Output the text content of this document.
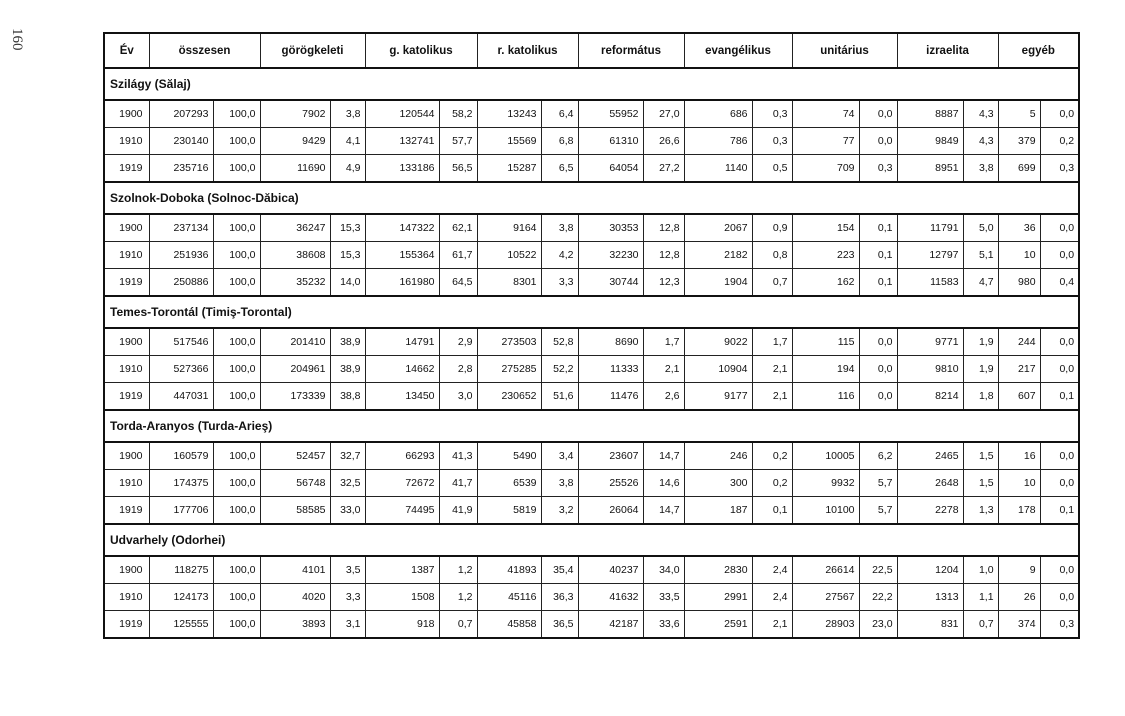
160	Év	összesen		görögkeleti		g. katolikus		r. katolikus		református		evangélikus		unitárius		izraelita		egyéb	
Szilágy (Sălaj)																		
1900	207293	100,0	7902	3,8	120544	58,2	13243	6,4	55952	27,0	686	0,3	74	0,0	8887	4,3	5	0,0
1910	230140	100,0	9429	4,1	132741	57,7	15569	6,8	61310	26,6	786	0,3	77	0,0	9849	4,3	379	0,2
1919	235716	100,0	11690	4,9	133186	56,5	15287	6,5	64054	27,2	1140	0,5	709	0,3	8951	3,8	699	0,3
Szolnok-Doboka (Solnoc-Dăbica)																		
1900	237134	100,0	36247	15,3	147322	62,1	9164	3,8	30353	12,8	2067	0,9	154	0,1	11791	5,0	36	0,0
1910	251936	100,0	38608	15,3	155364	61,7	10522	4,2	32230	12,8	2182	0,8	223	0,1	12797	5,1	10	0,0
1919	250886	100,0	35232	14,0	161980	64,5	8301	3,3	30744	12,3	1904	0,7	162	0,1	11583	4,7	980	0,4
Temes-Torontál (Timiş-Torontal)																		
1900	517546	100,0	201410	38,9	14791	2,9	273503	52,8	8690	1,7	9022	1,7	115	0,0	9771	1,9	244	0,0
1910	527366	100,0	204961	38,9	14662	2,8	275285	52,2	11333	2,1	10904	2,1	194	0,0	9810	1,9	217	0,0
1919	447031	100,0	173339	38,8	13450	3,0	230652	51,6	11476	2,6	9177	2,1	116	0,0	8214	1,8	607	0,1
Torda-Aranyos (Turda-Arieş)																		
1900	160579	100,0	52457	32,7	66293	41,3	5490	3,4	23607	14,7	246	0,2	10005	6,2	2465	1,5	16	0,0
1910	174375	100,0	56748	32,5	72672	41,7	6539	3,8	25526	14,6	300	0,2	9932	5,7	2648	1,5	10	0,0
1919	177706	100,0	58585	33,0	74495	41,9	5819	3,2	26064	14,7	187	0,1	10100	5,7	2278	1,3	178	0,1
Udvarhely (Odorhei)																		
1900	118275	100,0	4101	3,5	1387	1,2	41893	35,4	40237	34,0	2830	2,4	26614	22,5	1204	1,0	9	0,0
1910	124173	100,0	4020	3,3	1508	1,2	45116	36,3	41632	33,5	2991	2,4	27567	22,2	1313	1,1	26	0,0
1919	125555	100,0	3893	3,1	918	0,7	45858	36,5	42187	33,6	2591	2,1	28903	23,0	831	0,7	374	0,3
